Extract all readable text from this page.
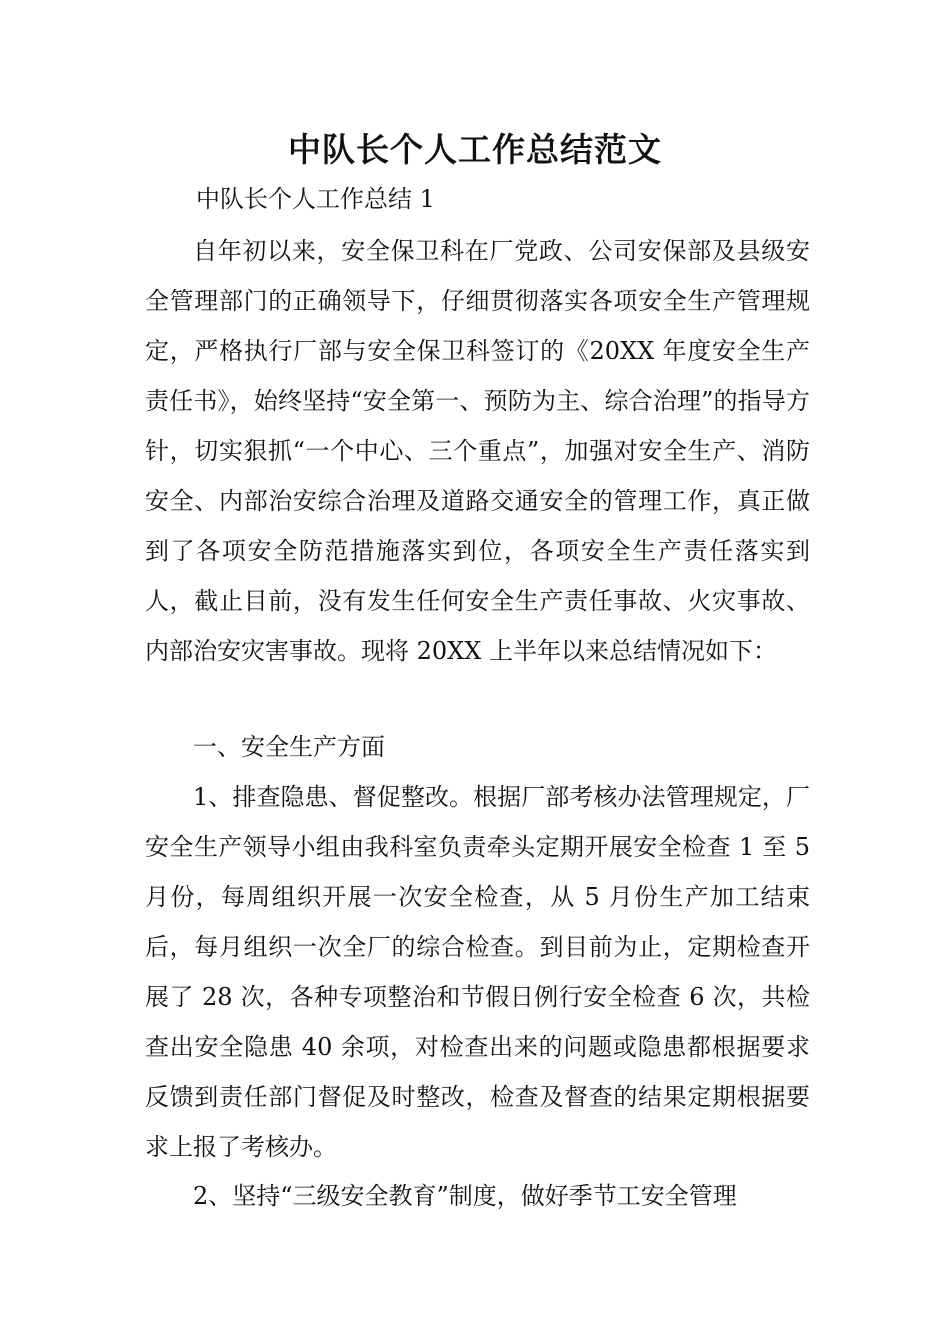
中队长个人工作总结范文
中队长个人工作总结 1

自年初以来，安全保卫科在厂党政、公司安保部及县级安全管理部门的正确领导下，仔细贯彻落实各项安全生产管理规定，严格执行厂部与安全保卫科签订的《20XX 年度安全生产责任书》，始终坚持“安全第一、预防为主、综合治理”的指导方针，切实狠抓“一个中心、三个重点”，加强对安全生产、消防安全、内部治安综合治理及道路交通安全的管理工作，真正做到了各项安全防范措施落实到位，各项安全生产责任落实到人，截止目前，没有发生任何安全生产责任事故、火灾事故、内部治安灾害事故。现将 20XX 上半年以来总结情况如下：

一、安全生产方面

1、排查隐患、督促整改。根据厂部考核办法管理规定，厂安全生产领导小组由我科室负责牵头定期开展安全检查 1 至 5 月份，每周组织开展一次安全检查，从 5 月份生产加工结束后，每月组织一次全厂的综合检查。到目前为止，定期检查开展了 28 次，各种专项整治和节假日例行安全检查 6 次，共检查出安全隐患 40 余项，对检查出来的问题或隐患都根据要求反馈到责任部门督促及时整改，检查及督查的结果定期根据要求上报了考核办。

2、坚持“三级安全教育”制度，做好季节工安全管理
